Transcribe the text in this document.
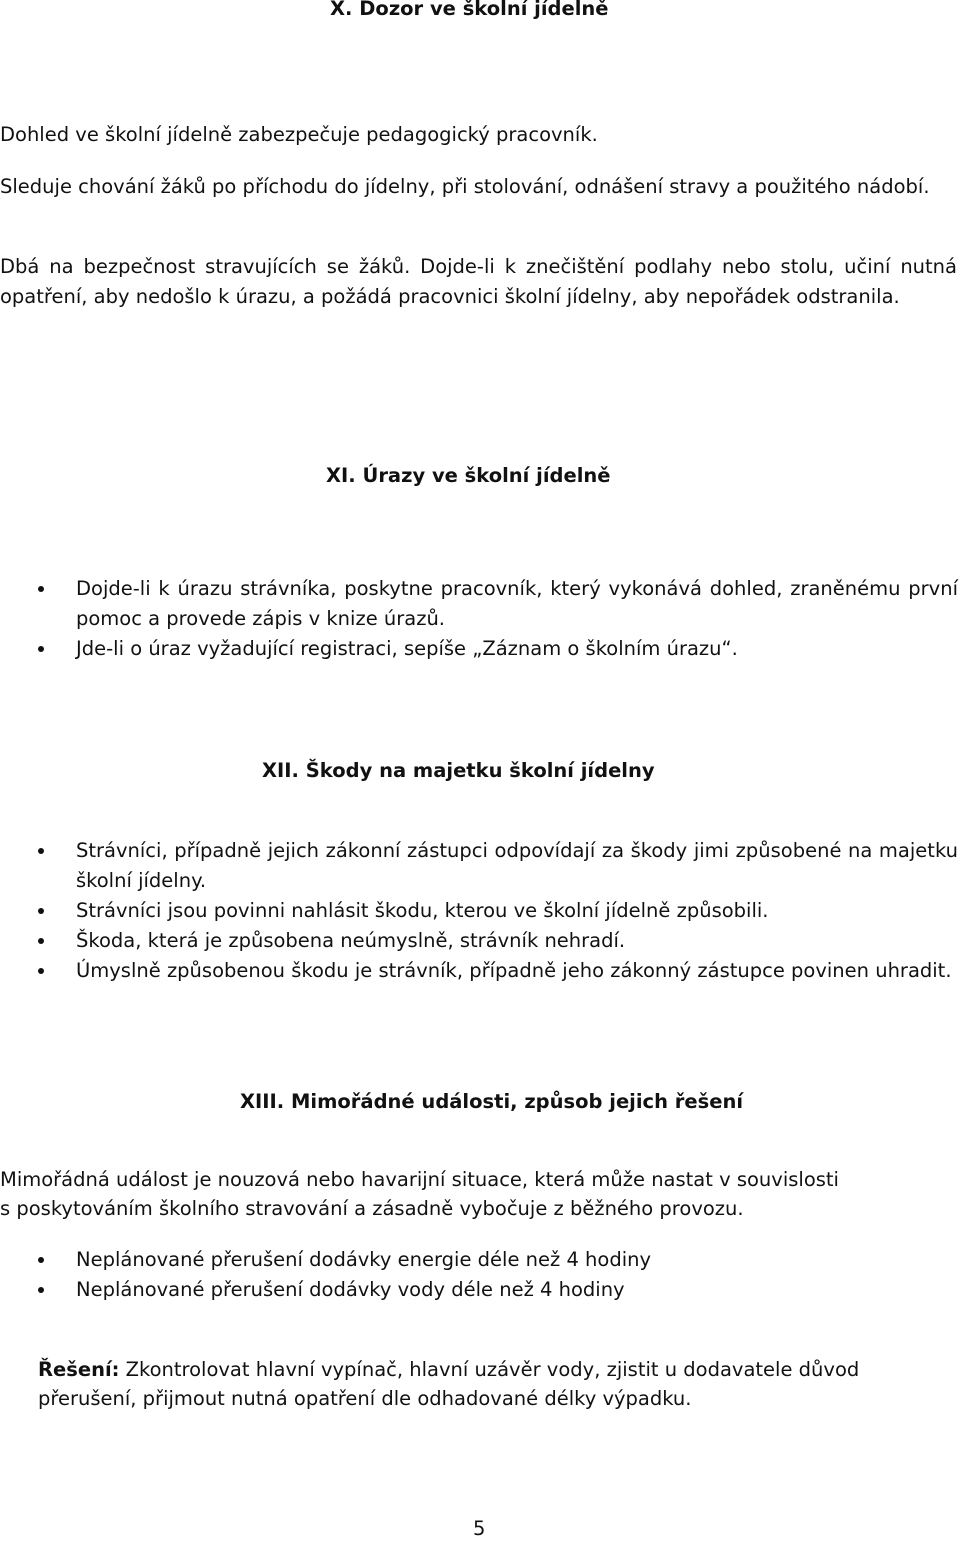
X. Dozor ve školní jídelně
Dohled ve školní jídelně zabezpečuje pedagogický pracovník.
Sleduje chování žáků po příchodu do jídelny, při stolování, odnášení stravy a použitého nádobí.
Dbá na bezpečnost stravujících se žáků. Dojde-li k znečištění podlahy nebo stolu, učiní nutná opatření, aby nedošlo k úrazu, a požádá pracovnici školní jídelny, aby nepořádek odstranila.
XI. Úrazy ve školní jídelně
Dojde-li k úrazu strávníka, poskytne pracovník, který vykonává dohled, zraněnému první pomoc a provede zápis v knize úrazů.
Jde-li o úraz vyžadující registraci, sepíše „Záznam o školním úrazu“.
XII. Škody na majetku školní jídelny
Strávníci, případně jejich zákonní zástupci odpovídají za škody jimi způsobené na majetku školní jídelny.
Strávníci jsou povinni nahlásit škodu, kterou ve školní jídelně způsobili.
Škoda, která je způsobena neúmyslně, strávník nehradí.
Úmyslně způsobenou škodu je strávník, případně jeho zákonný zástupce povinen uhradit.
XIII. Mimořádné události, způsob jejich řešení
Mimořádná událost je nouzová nebo havarijní situace, která může nastat v souvislosti
s poskytováním školního stravování a zásadně vybočuje z běžného provozu.
Neplánované přerušení dodávky energie déle než 4 hodiny
Neplánované přerušení dodávky vody déle než 4 hodiny
Řešení: Zkontrolovat hlavní vypínač, hlavní uzávěr vody, zjistit u dodavatele důvod
přerušení, přijmout nutná opatření dle odhadované délky výpadku.
5
